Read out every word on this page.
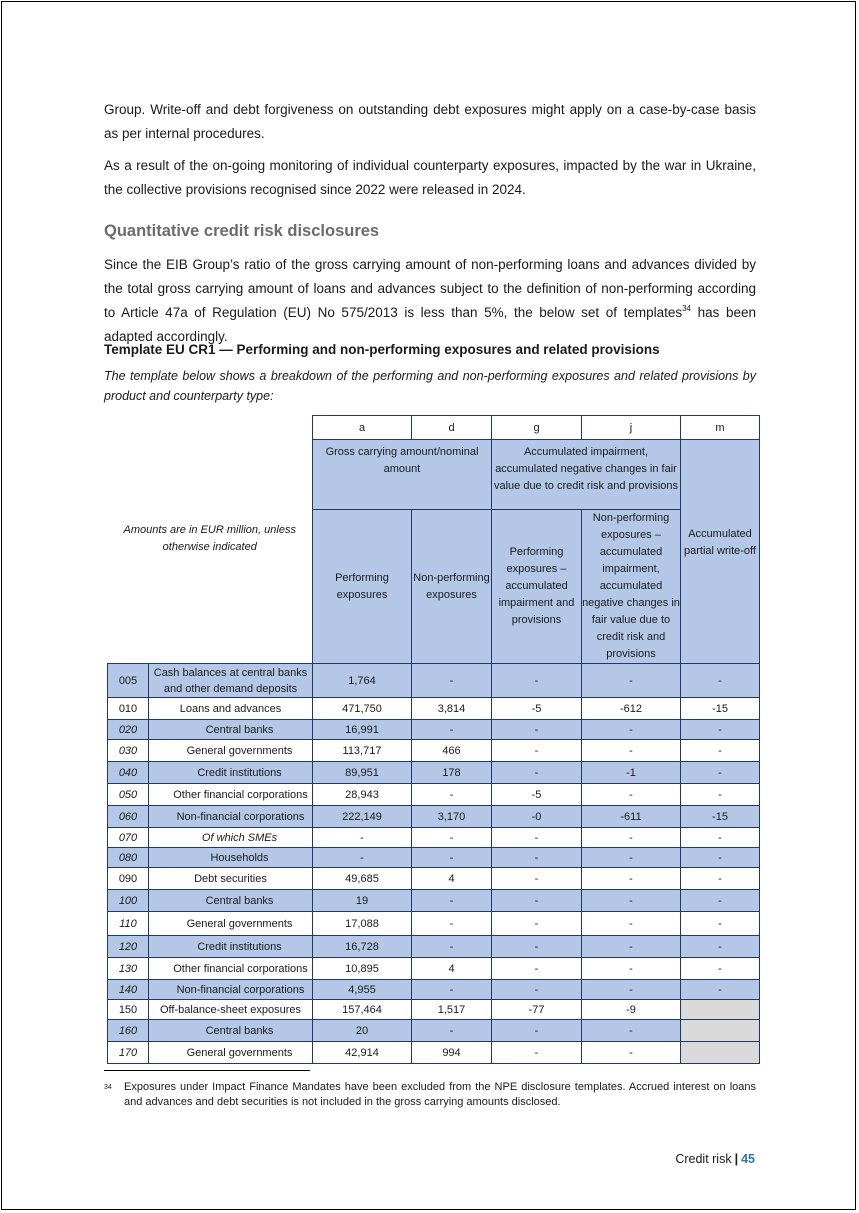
Group. Write-off and debt forgiveness on outstanding debt exposures might apply on a case-by-case basis as per internal procedures.

As a result of the on-going monitoring of individual counterparty exposures, impacted by the war in Ukraine, the collective provisions recognised since 2022 were released in 2024.

Quantitative credit risk disclosures

Since the EIB Group’s ratio of the gross carrying amount of non-performing loans and advances divided by the total gross carrying amount of loans and advances subject to the definition of non-performing according to Article 47a of Regulation (EU) No 575/2013 is less than 5%, the below set of templates$^{34}$ has been adapted accordingly.

Template EU CR1 — Performing and non-performing exposures and related provisions

The template below shows a breakdown of the performing and non-performing exposures and related provisions by product and counterparty type:

Amounts are in EUR million, unless otherwise indicated		a	d	g	j	m
		Gross carrying amount/nominal amount		Accumulated impairment, accumulated negative changes in fair value due to credit risk and provisions		Accumulated partial write-off
		Performing exposures	Non-performing exposures	Performing exposures – accumulated impairment and provisions	Non-performing exposures – accumulated impairment, accumulated negative changes in fair value due to credit risk and provisions	
005	Cash balances at central banks and other demand deposits	1,764	-	-	-	-
010	Loans and advances	471,750	3,814	-5	-612	-15
020	Central banks	16,991	-	-	-	-
030	General governments	113,717	466	-	-	-
040	Credit institutions	89,951	178	-	-1	-
050	Other financial corporations	28,943	-	-5	-	-
060	Non-financial corporations	222,149	3,170	-0	-611	-15
070	Of which SMEs	-	-	-	-	-
080	Households	-	-	-	-	-
090	Debt securities	49,685	4	-	-	-
100	Central banks	19	-	-	-	-
110	General governments	17,088	-	-	-	-
120	Credit institutions	16,728	-	-	-	-
130	Other financial corporations	10,895	4	-	-	-
140	Non-financial corporations	4,955	-	-	-	-
150	Off-balance-sheet exposures	157,464	1,517	-77	-9	
160	Central banks	20	-	-	-	
170	General governments	42,914	994	-	-	
34 Exposures under Impact Finance Mandates have been excluded from the NPE disclosure templates. Accrued interest on loans and advances and debt securities is not included in the gross carrying amounts disclosed.
Credit risk | 45
